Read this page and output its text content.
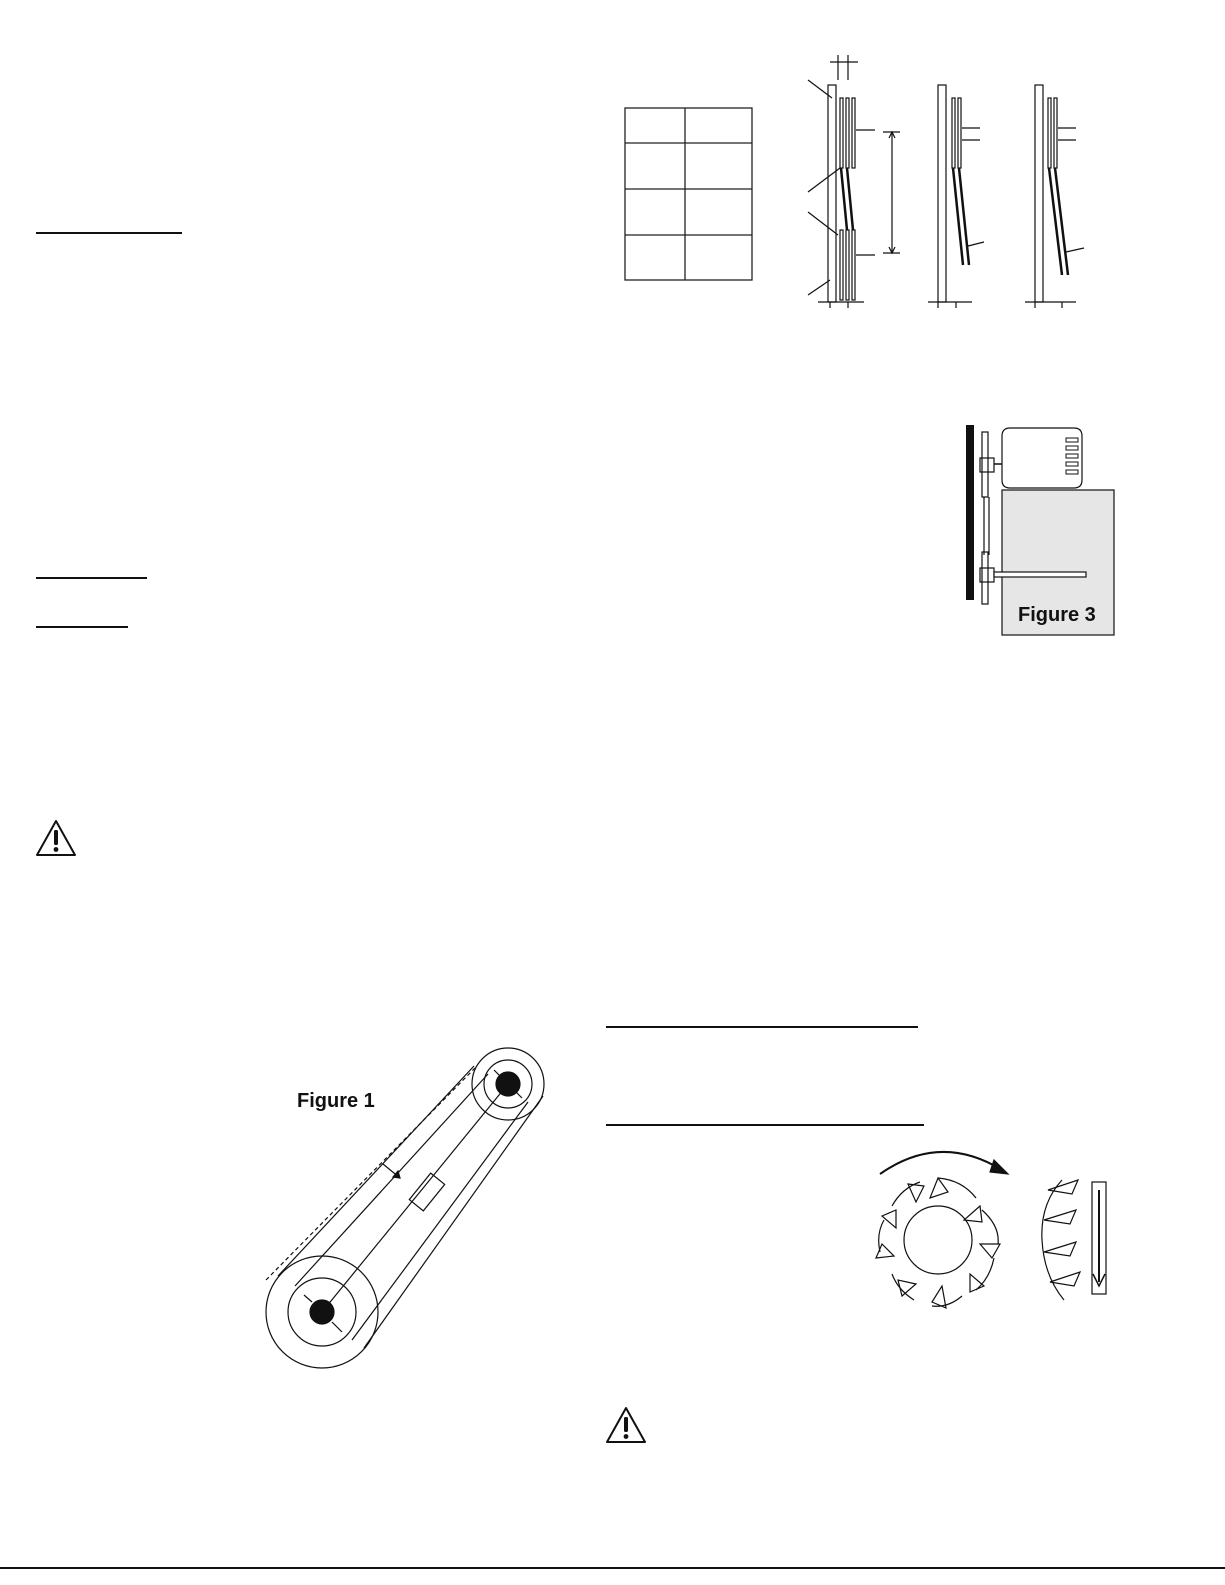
Figure 3
Figure 1
